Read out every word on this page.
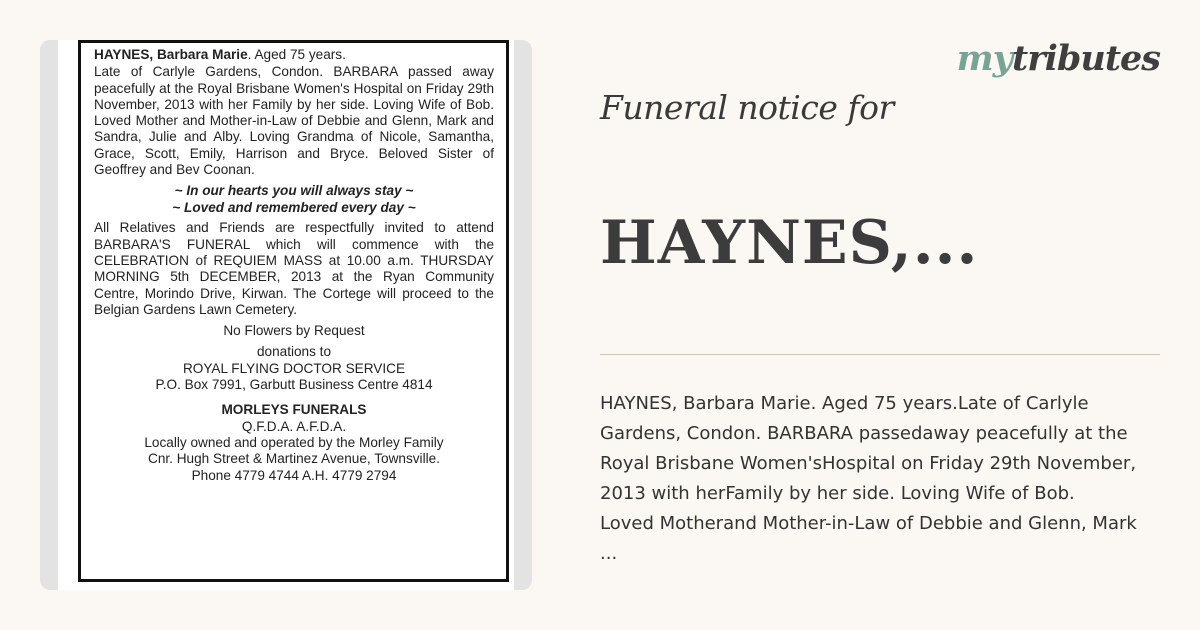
HAYNES, Barbara Marie. Aged 75 years.

Late of Carlyle Gardens, Condon. BARBARA passed away peacefully at the Royal Brisbane Women's Hospital on Friday 29th November, 2013 with her Family by her side. Loving Wife of Bob. Loved Mother and Mother-in-Law of Debbie and Glenn, Mark and Sandra, Julie and Alby. Loving Grandma of Nicole, Samantha, Grace, Scott, Emily, Harrison and Bryce. Beloved Sister of Geoffrey and Bev Coonan.

~ In our hearts you will always stay ~
~ Loved and remembered every day ~

All Relatives and Friends are respectfully invited to attend BARBARA'S FUNERAL which will commence with the CELEBRATION of REQUIEM MASS at 10.00 a.m. THURSDAY MORNING 5th DECEMBER, 2013 at the Ryan Community Centre, Morindo Drive, Kirwan. The Cortege will proceed to the Belgian Gardens Lawn Cemetery.

No Flowers by Request

donations to

ROYAL FLYING DOCTOR SERVICE

P.O. Box 7991, Garbutt Business Centre 4814

MORLEYS FUNERALS

Q.F.D.A. A.F.D.A.

Locally owned and operated by the Morley Family

Cnr. Hugh Street & Martinez Avenue, Townsville.

Phone 4779 4744 A.H. 4779 2794

mytributes
Funeral notice for
HAYNES,...
HAYNES, Barbara Marie. Aged 75 years.Late of Carlyle
Gardens, Condon. BARBARA passedaway peacefully at the
Royal Brisbane Women'sHospital on Friday 29th November,
2013 with herFamily by her side. Loving Wife of Bob.
Loved Motherand Mother-in-Law of Debbie and Glenn, Mark
...
